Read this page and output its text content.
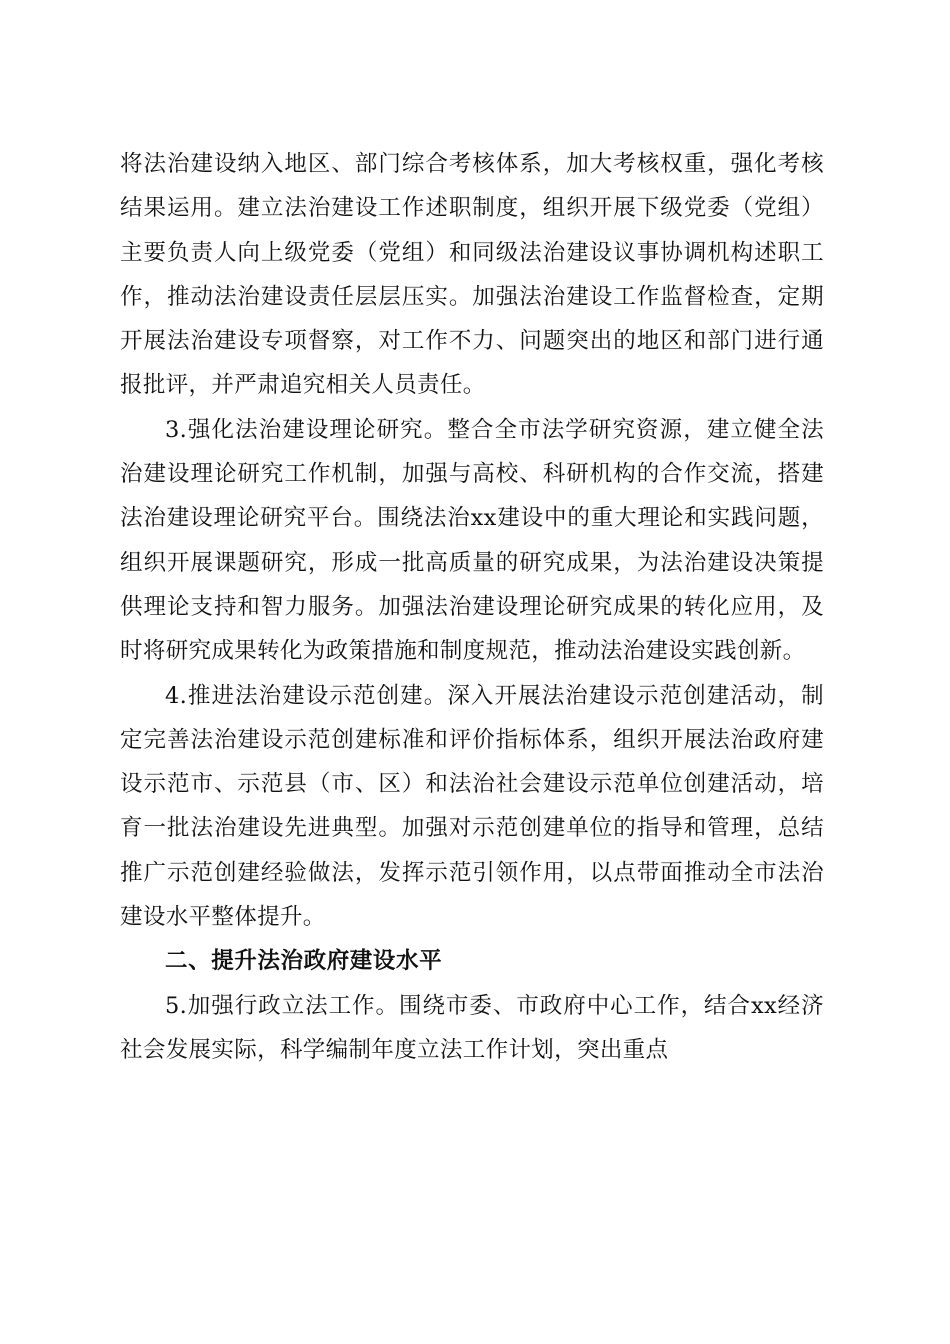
将法治建设纳入地区、部门综合考核体系，加大考核权重，强化考核结果运用。建立法治建设工作述职制度，组织开展下级党委（党组）主要负责人向上级党委（党组）和同级法治建设议事协调机构述职工作，推动法治建设责任层层压实。加强法治建设工作监督检查，定期开展法治建设专项督察，对工作不力、问题突出的地区和部门进行通报批评，并严肃追究相关人员责任。

3.强化法治建设理论研究。整合全市法学研究资源，建立健全法治建设理论研究工作机制，加强与高校、科研机构的合作交流，搭建法治建设理论研究平台。围绕法治xx建设中的重大理论和实践问题，组织开展课题研究，形成一批高质量的研究成果，为法治建设决策提供理论支持和智力服务。加强法治建设理论研究成果的转化应用，及时将研究成果转化为政策措施和制度规范，推动法治建设实践创新。

4.推进法治建设示范创建。深入开展法治建设示范创建活动，制定完善法治建设示范创建标准和评价指标体系，组织开展法治政府建设示范市、示范县（市、区）和法治社会建设示范单位创建活动，培育一批法治建设先进典型。加强对示范创建单位的指导和管理，总结推广示范创建经验做法，发挥示范引领作用，以点带面推动全市法治建设水平整体提升。

二、提升法治政府建设水平

5.加强行政立法工作。围绕市委、市政府中心工作，结合xx经济社会发展实际，科学编制年度立法工作计划，突出重点
